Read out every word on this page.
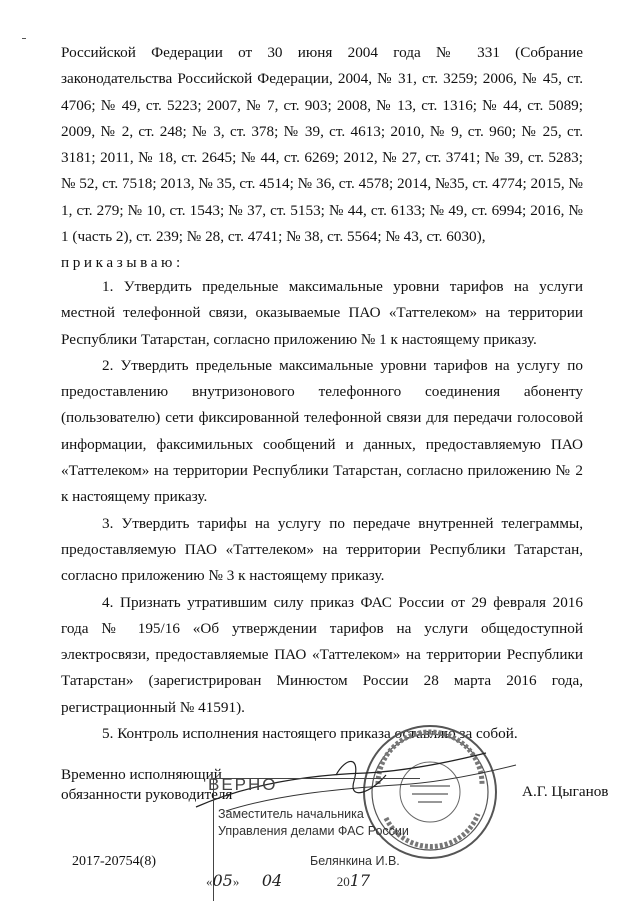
Российской Федерации от 30 июня 2004 года № 331 (Собрание законодательства Российской Федерации, 2004, № 31, ст. 3259; 2006, № 45, ст. 4706; № 49, ст. 5223; 2007, № 7, ст. 903; 2008, № 13, ст. 1316; № 44, ст. 5089; 2009, № 2, ст. 248; № 3, ст. 378; № 39, ст. 4613; 2010, № 9, ст. 960; № 25, ст. 3181; 2011, № 18, ст. 2645; № 44, ст. 6269; 2012, № 27, ст. 3741; № 39, ст. 5283; № 52, ст. 7518; 2013, № 35, ст. 4514; № 36, ст. 4578; 2014, №35, ст. 4774; 2015, № 1, ст. 279; № 10, ст. 1543; № 37, ст. 5153; № 44, ст. 6133; № 49, ст. 6994; 2016, № 1 (часть 2), ст. 239; № 28, ст. 4741; № 38, ст. 5564; № 43, ст. 6030),

приказываю:

1. Утвердить предельные максимальные уровни тарифов на услуги местной телефонной связи, оказываемые ПАО «Таттелеком» на территории Республики Татарстан, согласно приложению № 1 к настоящему приказу.

2. Утвердить предельные максимальные уровни тарифов на услугу по предоставлению внутризонового телефонного соединения абоненту (пользователю) сети фиксированной телефонной связи для передачи голосовой информации, факсимильных сообщений и данных, предоставляемую ПАО «Таттелеком» на территории Республики Татарстан, согласно приложению № 2 к настоящему приказу.

3. Утвердить тарифы на услугу по передаче внутренней телеграммы, предоставляемую ПАО «Таттелеком» на территории Республики Татарстан, согласно приложению № 3 к настоящему приказу.

4. Признать утратившим силу приказ ФАС России от 29 февраля 2016 года № 195/16 «Об утверждении тарифов на услуги общедоступной электросвязи, предоставляемые ПАО «Таттелеком» на территории Республики Татарстан» (зарегистрирован Минюстом России 28 марта 2016 года, регистрационный № 41591).

5. Контроль исполнения настоящего приказа оставляю за собой.

Временно исполняющий
обязанности руководителя	А.Г. Цыганов
ВЕРНО
Заместитель начальника
Управления делами ФАС России
Белянкина И.В.
«05»  04	2017
2017-20754(8)
